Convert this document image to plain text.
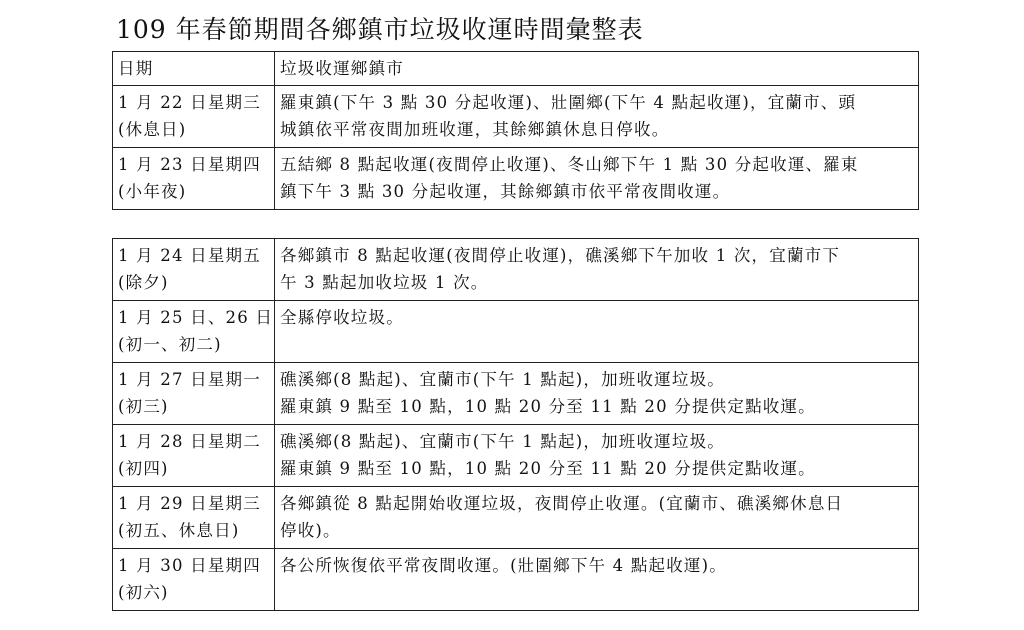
109 年春節期間各鄉鎮市垃圾收運時間彙整表
日期	垃圾收運鄉鎮市

1 月 22 日星期三
(休息日)	羅東鎮(下午 3 點 30 分起收運)、壯圍鄉(下午 4 點起收運)，宜蘭市、頭
城鎮依平常夜間加班收運，其餘鄉鎮休息日停收。

1 月 23 日星期四
(小年夜)	五結鄉 8 點起收運(夜間停止收運)、冬山鄉下午 1 點 30 分起收運、羅東
鎮下午 3 點 30 分起收運，其餘鄉鎮市依平常夜間收運。
1 月 24 日星期五
(除夕)	各鄉鎮市 8 點起收運(夜間停止收運)，礁溪鄉下午加收 1 次，宜蘭市下
午 3 點起加收垃圾 1 次。

1 月 25 日、26 日
(初一、初二)	全縣停收垃圾。

1 月 27 日星期一
(初三)	礁溪鄉(8 點起)、宜蘭市(下午 1 點起)，加班收運垃圾。
羅東鎮 9 點至 10 點，10 點 20 分至 11 點 20 分提供定點收運。

1 月 28 日星期二
(初四)	礁溪鄉(8 點起)、宜蘭市(下午 1 點起)，加班收運垃圾。
羅東鎮 9 點至 10 點，10 點 20 分至 11 點 20 分提供定點收運。

1 月 29 日星期三
(初五、休息日)	各鄉鎮從 8 點起開始收運垃圾，夜間停止收運。(宜蘭市、礁溪鄉休息日
停收)。

1 月 30 日星期四
(初六)	各公所恢復依平常夜間收運。(壯圍鄉下午 4 點起收運)。
